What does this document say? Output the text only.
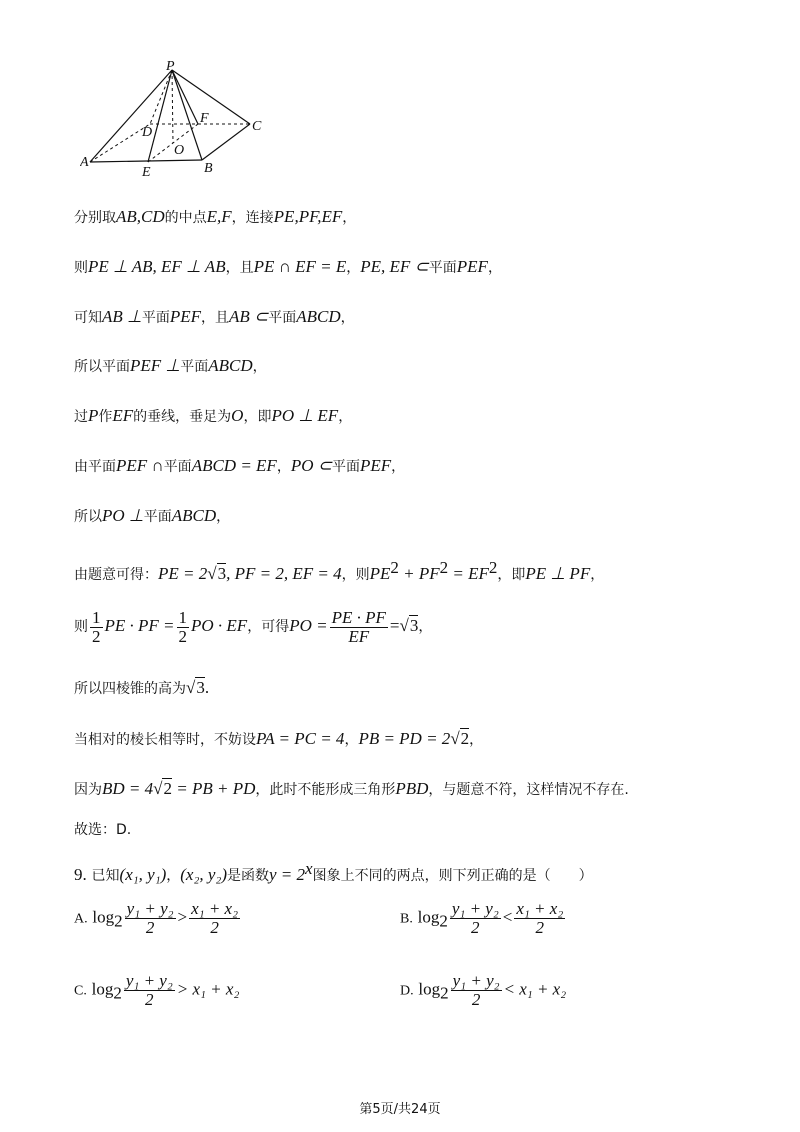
P
A	B
C
D
E
F
O
分别取AB,CD的中点E,F，连接PE,PF,EF，
则PE ⊥ AB, EF ⊥ AB，且PE ∩ EF = E，PE, EF ⊂平面PEF，
可知AB ⊥平面PEF，且AB ⊂平面ABCD，
所以平面PEF ⊥平面ABCD，
过P作EF的垂线，垂足为O，即PO ⊥ EF，
由平面PEF ∩平面ABCD = EF，PO ⊂平面PEF，
所以PO ⊥平面ABCD，
由题意可得：PE = 2√3, PF = 2, EF = 4，则$PE^2 + PF^2 = EF^2$，即PE ⊥ PF，
则 $\frac{1}{2}$ PE · PF = $\frac{1}{2}$ PO · EF，可得PO = $\frac{PE \cdot PF}{EF} =√3$，
所以四棱锥的高为√3.
当相对的棱长相等时，不妨设PA = PC = 4，PB = PD = 2√2，
因为BD = 4√2 = PB + PD，此时不能形成三角形PBD，与题意不符，这样情况不存在.
故选：D.
9. 已知(x₁, y₁)，(x₂, y₂)是函数$y = 2^x$图象上不同的两点，则下列正确的是（　　）
A. $\log_2 \frac{\text{y₁ + y₂}}{2} > \frac{\text{x₁ + x₂}}{2}$	B. $\log_2 \frac{\text{y₁ + y₂}}{2} < \frac{\text{x₁ + x₂}}{2}$
C. $\log_2 \frac{\text{y₁ + y₂}}{2} > x_1 + x_2$	D. $\log_2 \frac{\text{y₁ + y₂}}{2} < x_1 + x_2$
第5页/共24页
